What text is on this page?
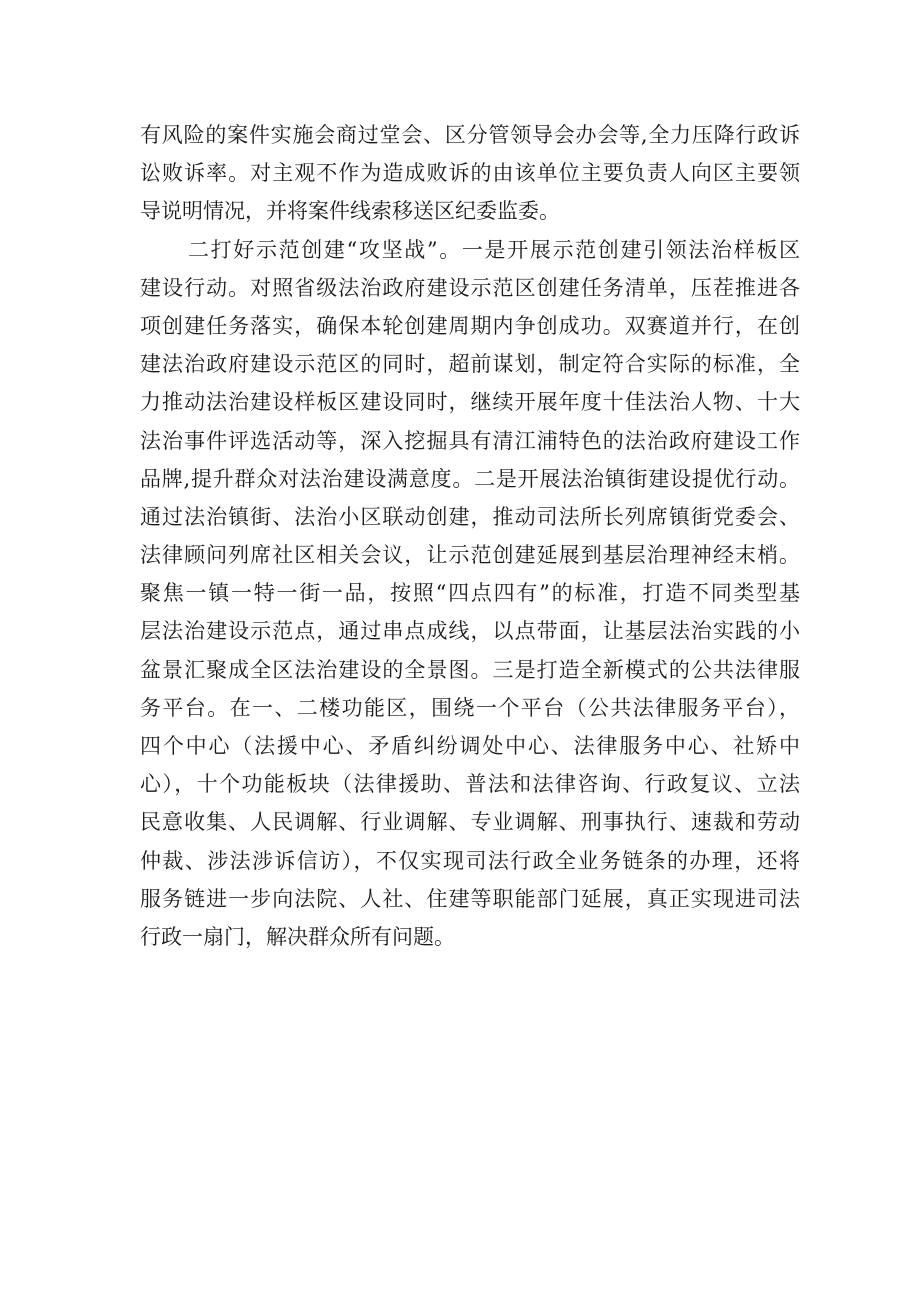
有风险的案件实施会商过堂会、区分管领导会办会等,全力压降行政诉
讼败诉率。对主观不作为造成败诉的由该单位主要负责人向区主要领
导说明情况，并将案件线索移送区纪委监委。
二打好示范创建“攻坚战”。一是开展示范创建引领法治样板区
建设行动。对照省级法治政府建设示范区创建任务清单，压茬推进各
项创建任务落实，确保本轮创建周期内争创成功。双赛道并行，在创
建法治政府建设示范区的同时，超前谋划，制定符合实际的标准，全
力推动法治建设样板区建设同时，继续开展年度十佳法治人物、十大
法治事件评选活动等，深入挖掘具有清江浦特色的法治政府建设工作
品牌,提升群众对法治建设满意度。二是开展法治镇街建设提优行动。
通过法治镇街、法治小区联动创建，推动司法所长列席镇街党委会、
法律顾问列席社区相关会议，让示范创建延展到基层治理神经末梢。
聚焦一镇一特一街一品，按照“四点四有”的标准，打造不同类型基
层法治建设示范点，通过串点成线，以点带面，让基层法治实践的小
盆景汇聚成全区法治建设的全景图。三是打造全新模式的公共法律服
务平台。在一、二楼功能区，围绕一个平台（公共法律服务平台），
四个中心（法援中心、矛盾纠纷调处中心、法律服务中心、社矫中
心），十个功能板块（法律援助、普法和法律咨询、行政复议、立法
民意收集、人民调解、行业调解、专业调解、刑事执行、速裁和劳动
仲裁、涉法涉诉信访），不仅实现司法行政全业务链条的办理，还将
服务链进一步向法院、人社、住建等职能部门延展，真正实现进司法
行政一扇门，解决群众所有问题。
